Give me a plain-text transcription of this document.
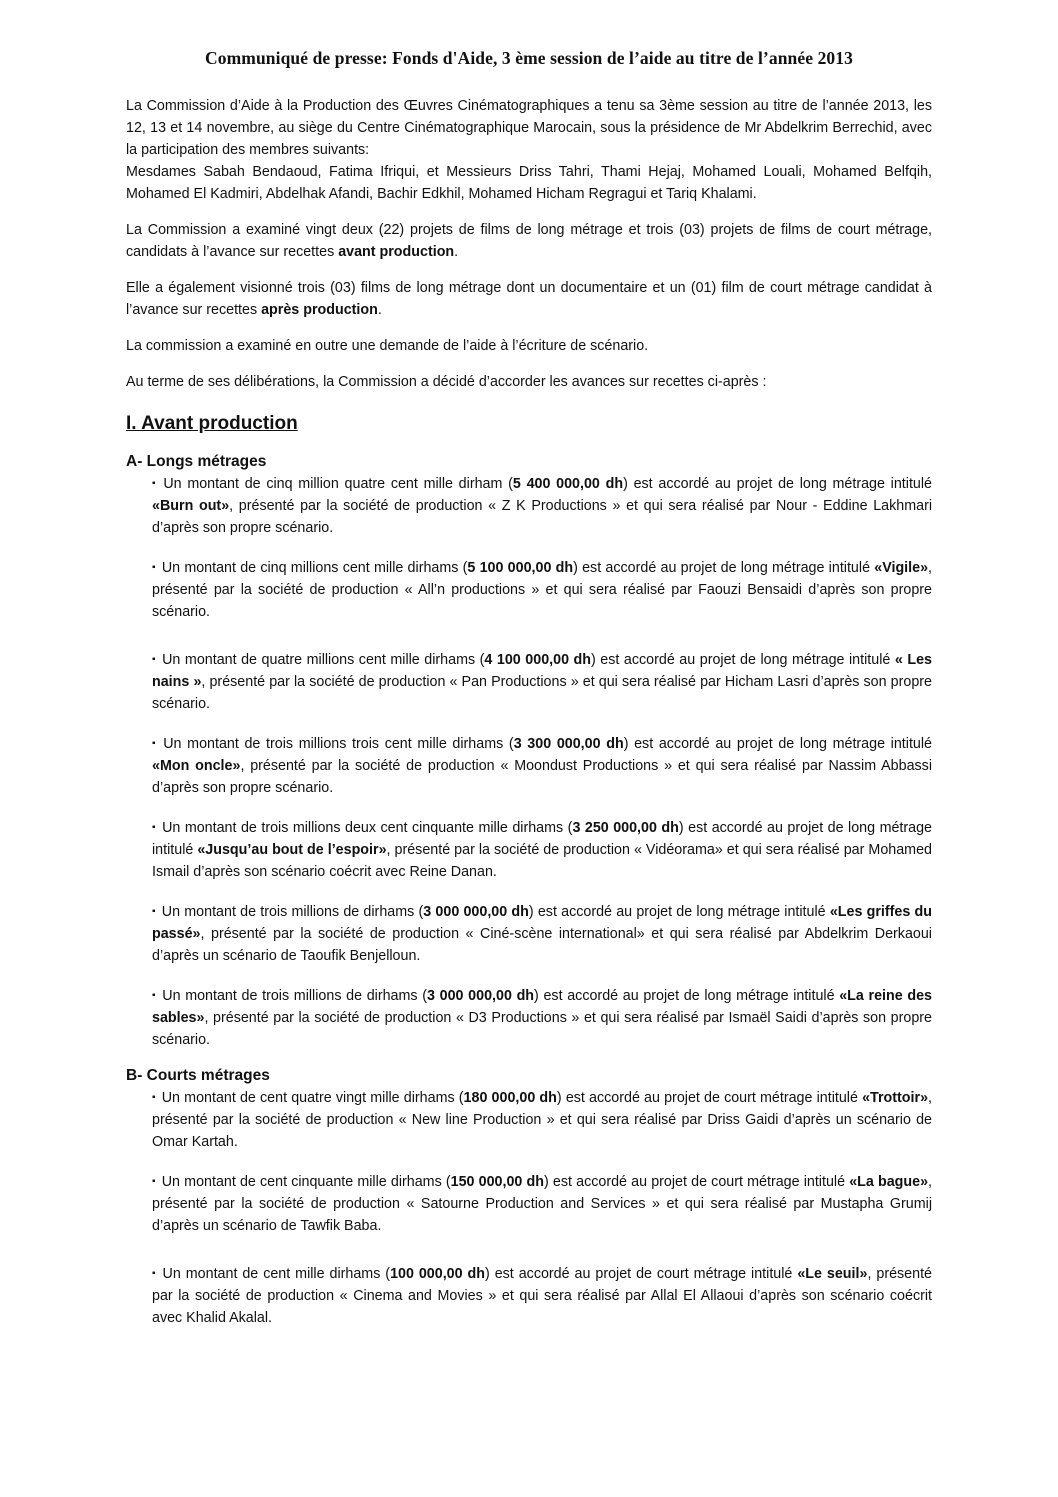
Communiqué de presse: Fonds d'Aide, 3 ème session de l’aide au titre de l’année 2013

La Commission d’Aide à la Production des Œuvres Cinématographiques a tenu sa 3ème session au titre de l’année 2013, les 12, 13 et 14 novembre, au siège du Centre Cinématographique Marocain, sous la présidence de Mr Abdelkrim Berrechid, avec la participation des membres suivants:
Mesdames Sabah Bendaoud, Fatima Ifriqui, et Messieurs Driss Tahri, Thami Hejaj, Mohamed Louali, Mohamed Belfqih, Mohamed El Kadmiri, Abdelhak Afandi, Bachir Edkhil, Mohamed Hicham Regragui et Tariq Khalami.

La Commission a examiné vingt deux (22) projets de films de long métrage et trois (03) projets de films de court métrage, candidats à l’avance sur recettes avant production.

Elle a également visionné trois (03) films de long métrage dont un documentaire et un (01) film de court métrage candidat à l’avance sur recettes après production.

La commission a examiné en outre une demande de l’aide à l’écriture de scénario.

Au terme de ses délibérations, la Commission a décidé d’accorder les avances sur recettes ci-après :

I. Avant production
A- Longs métrages

▪ Un montant de cinq million quatre cent mille dirham (5 400 000,00 dh) est accordé au projet de long métrage intitulé «Burn out», présenté par la société de production « Z K Productions » et qui sera réalisé par Nour - Eddine Lakhmari d’après son propre scénario.

▪ Un montant de cinq millions cent mille dirhams (5 100 000,00 dh) est accordé au projet de long métrage intitulé «Vigile», présenté par la société de production « All’n productions » et qui sera réalisé par Faouzi Bensaidi d’après son propre scénario.

▪ Un montant de quatre millions cent mille dirhams (4 100 000,00 dh) est accordé au projet de long métrage intitulé « Les nains », présenté par la société de production « Pan Productions » et qui sera réalisé par Hicham Lasri d’après son propre scénario.

▪ Un montant de trois millions trois cent mille dirhams (3 300 000,00 dh) est accordé au projet de long métrage intitulé «Mon oncle», présenté par la société de production « Moondust Productions » et qui sera réalisé par Nassim Abbassi d’après son propre scénario.

▪ Un montant de trois millions deux cent cinquante mille dirhams (3 250 000,00 dh) est accordé au projet de long métrage intitulé «Jusqu’au bout de l’espoir», présenté par la société de production « Vidéorama» et qui sera réalisé par Mohamed Ismail d’après son scénario coécrit avec Reine Danan.

▪ Un montant de trois millions de dirhams (3 000 000,00 dh) est accordé au projet de long métrage intitulé «Les griffes du passé», présenté par la société de production « Ciné-scène international» et qui sera réalisé par Abdelkrim Derkaoui d’après un scénario de Taoufik Benjelloun.

▪ Un montant de trois millions de dirhams (3 000 000,00 dh) est accordé au projet de long métrage intitulé «La reine des sables», présenté par la société de production « D3 Productions » et qui sera réalisé par Ismaël Saidi d’après son propre scénario.

B- Courts métrages

▪ Un montant de cent quatre vingt mille dirhams (180 000,00 dh) est accordé au projet de court métrage intitulé «Trottoir», présenté par la société de production « New line Production » et qui sera réalisé par Driss Gaidi d’après un scénario de Omar Kartah.

▪ Un montant de cent cinquante mille dirhams (150 000,00 dh) est accordé au projet de court métrage intitulé «La bague», présenté par la société de production « Satourne Production and Services » et qui sera réalisé par Mustapha Grumij d’après un scénario de Tawfik Baba.

▪ Un montant de cent mille dirhams (100 000,00 dh) est accordé au projet de court métrage intitulé «Le seuil», présenté par la société de production « Cinema and Movies » et qui sera réalisé par Allal El Allaoui d’après son scénario coécrit avec Khalid Akalal.
